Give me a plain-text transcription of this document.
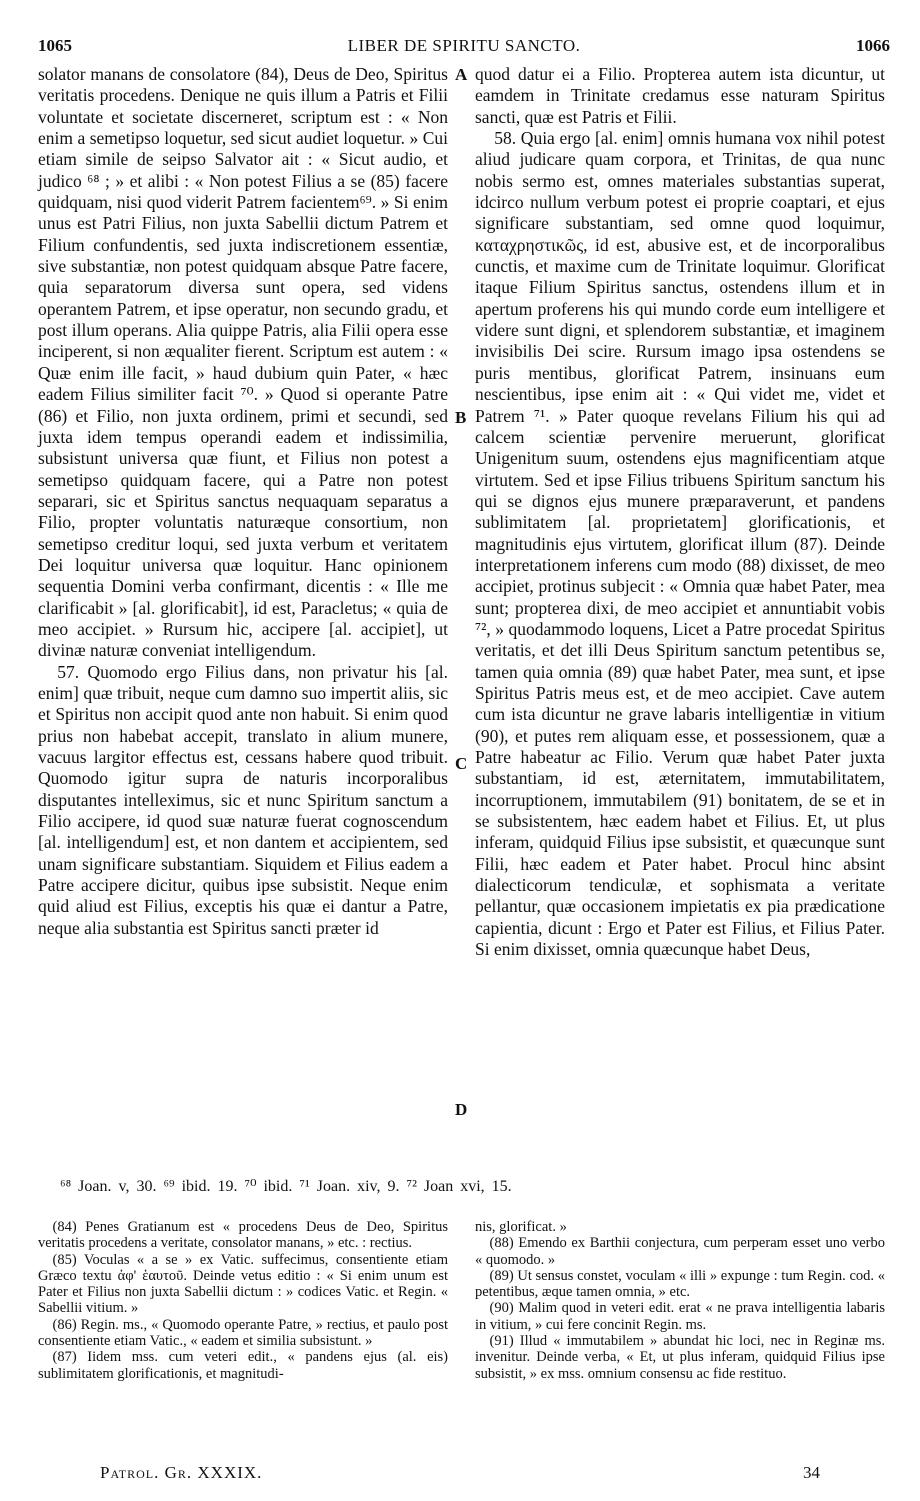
1065	LIBER DE SPIRITU SANCTO.	1066

solator manans de consolatore (84), Deus de Deo, Spiritus veritatis procedens. Denique ne quis illum a Patris et Filii voluntate et societate discerneret, scriptum est : « Non enim a semetipso loquetur, sed sicut audiet loquetur. » Cui etiam simile de seipso Salvator ait : « Sicut audio, et judico ⁶⁸ ; » et alibi : « Non potest Filius a se (85) facere quidquam, nisi quod viderit Patrem facientem⁶⁹. » Si enim unus est Patri Filius, non juxta Sabellii dictum Patrem et Filium confundentis, sed juxta indiscretionem essentiæ, sive substantiæ, non potest quidquam absque Patre facere, quia separatorum diversa sunt opera, sed videns operantem Patrem, et ipse operatur, non secundo gradu, et post illum operans. Alia quippe Patris, alia Filii opera esse inciperent, si non æqualiter fierent. Scriptum est autem : « Quæ enim ille facit, » haud dubium quin Pater, « hæc eadem Filius similiter facit ⁷⁰. » Quod si operante Patre (86) et Filio, non juxta ordinem, primi et secundi, sed juxta idem tempus operandi eadem et indissimilia, subsistunt universa quæ fiunt, et Filius non potest a semetipso quidquam facere, qui a Patre non potest separari, sic et Spiritus sanctus nequaquam separatus a Filio, propter voluntatis naturæque consortium, non semetipso creditur loqui, sed juxta verbum et veritatem Dei loquitur universa quæ loquitur. Hanc opinionem sequentia Domini verba confirmant, dicentis : « Ille me clarificabit » [al. glorificabit], id est, Paracletus; « quia de meo accipiet. » Rursum hic, accipere [al. accipiet], ut divinæ naturæ conveniat intelligendum.

57. Quomodo ergo Filius dans, non privatur his [al. enim] quæ tribuit, neque cum damno suo impertit aliis, sic et Spiritus non accipit quod ante non habuit. Si enim quod prius non habebat accepit, translato in alium munere, vacuus largitor effectus est, cessans habere quod tribuit. Quomodo igitur supra de naturis incorporalibus disputantes intelleximus, sic et nunc Spiritum sanctum a Filio accipere, id quod suæ naturæ fuerat cognoscendum [al. intelligendum] est, et non dantem et accipientem, sed unam significare substantiam. Siquidem et Filius eadem a Patre accipere dicitur, quibus ipse subsistit. Neque enim quid aliud est Filius, exceptis his quæ ei dantur a Patre, neque alia substantia est Spiritus sancti præter id

A
B
C
D

quod datur ei a Filio. Propterea autem ista dicuntur, ut eamdem in Trinitate credamus esse naturam Spiritus sancti, quæ est Patris et Filii.

58. Quia ergo [al. enim] omnis humana vox nihil potest aliud judicare quam corpora, et Trinitas, de qua nunc nobis sermo est, omnes materiales substantias superat, idcirco nullum verbum potest ei proprie coaptari, et ejus significare substantiam, sed omne quod loquimur, καταχρηστικῶς, id est, abusive est, et de incorporalibus cunctis, et maxime cum de Trinitate loquimur. Glorificat itaque Filium Spiritus sanctus, ostendens illum et in apertum proferens his qui mundo corde eum intelligere et videre sunt digni, et splendorem substantiæ, et imaginem invisibilis Dei scire. Rursum imago ipsa ostendens se puris mentibus, glorificat Patrem, insinuans eum nescientibus, ipse enim ait : « Qui videt me, videt et Patrem ⁷¹. » Pater quoque revelans Filium his qui ad calcem scientiæ pervenire meruerunt, glorificat Unigenitum suum, ostendens ejus magnificentiam atque virtutem. Sed et ipse Filius tribuens Spiritum sanctum his qui se dignos ejus munere præparaverunt, et pandens sublimitatem [al. proprietatem] glorificationis, et magnitudinis ejus virtutem, glorificat illum (87). Deinde interpretationem inferens cum modo (88) dixisset, de meo accipiet, protinus subjecit : « Omnia quæ habet Pater, mea sunt; propterea dixi, de meo accipiet et annuntiabit vobis ⁷², » quodammodo loquens, Licet a Patre procedat Spiritus veritatis, et det illi Deus Spiritum sanctum petentibus se, tamen quia omnia (89) quæ habet Pater, mea sunt, et ipse Spiritus Patris meus est, et de meo accipiet. Cave autem cum ista dicuntur ne grave labaris intelligentiæ in vitium (90), et putes rem aliquam esse, et possessionem, quæ a Patre habeatur ac Filio. Verum quæ habet Pater juxta substantiam, id est, æternitatem, immutabilitatem, incorruptionem, immutabilem (91) bonitatem, de se et in se subsistentem, hæc eadem habet et Filius. Et, ut plus inferam, quidquid Filius ipse subsistit, et quæcunque sunt Filii, hæc eadem et Pater habet. Procul hinc absint dialecticorum tendiculæ, et sophismata a veritate pellantur, quæ occasionem impietatis ex pia prædicatione capientia, dicunt : Ergo et Pater est Filius, et Filius Pater. Si enim dixisset, omnia quæcunque habet Deus,

⁶⁸ Joan. v, 30. ⁶⁹ ibid. 19. ⁷⁰ ibid. ⁷¹ Joan. xiv, 9. ⁷² Joan xvi, 15.

(84) Penes Gratianum est « procedens Deus de Deo, Spiritus veritatis procedens a veritate, consolator manans, » etc. : rectius.

(85) Voculas « a se » ex Vatic. suffecimus, consentiente etiam Græco textu ἀφ' ἑαυτοῦ. Deinde vetus editio : « Si enim unum est Pater et Filius non juxta Sabellii dictum : » codices Vatic. et Regin. « Sabellii vitium. »

(86) Regin. ms., « Quomodo operante Patre, » rectius, et paulo post consentiente etiam Vatic., « eadem et similia subsistunt. »

(87) Iidem mss. cum veteri edit., « pandens ejus (al. eis) sublimitatem glorificationis, et magnitudi-

nis, glorificat. »

(88) Emendo ex Barthii conjectura, cum perperam esset uno verbo « quomodo. »

(89) Ut sensus constet, voculam « illi » expunge : tum Regin. cod. « petentibus, æque tamen omnia, » etc.

(90) Malim quod in veteri edit. erat « ne prava intelligentia labaris in vitium, » cui fere concinit Regin. ms.

(91) Illud « immutabilem » abundat hic loci, nec in Reginæ ms. invenitur. Deinde verba, « Et, ut plus inferam, quidquid Filius ipse subsistit, » ex mss. omnium consensu ac fide restituo.

Patrol. Gr. XXXIX.	34
